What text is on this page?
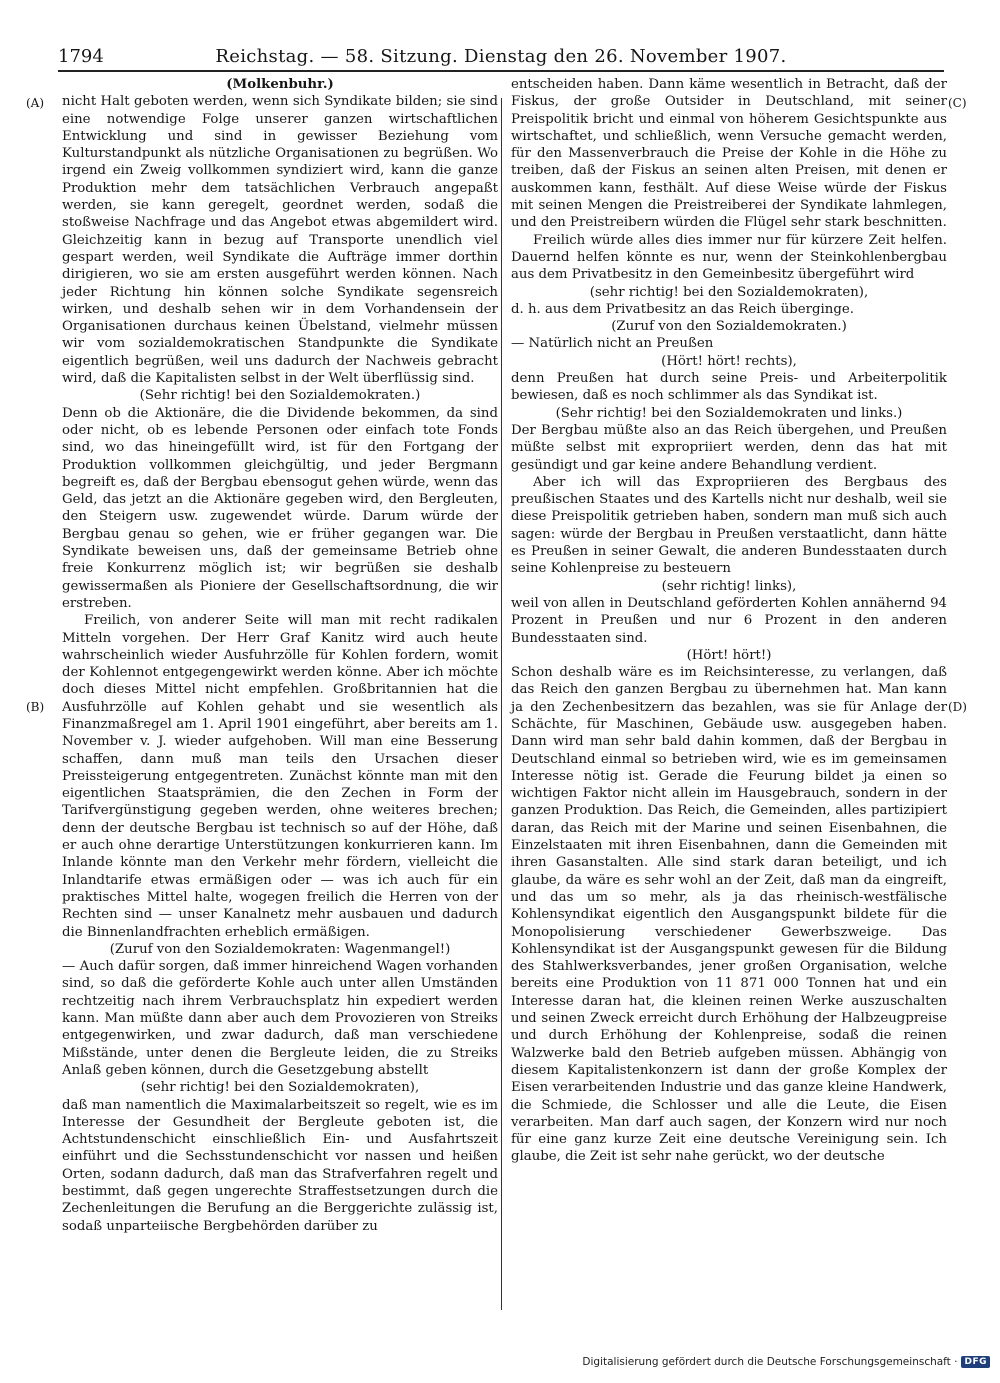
1794	Reichstag. — 58. Sitzung. Dienstag den 26. November 1907.
(A)
(B)
(C)
(D)

(Molkenbuhr.)

nicht Halt geboten werden, wenn sich Syndikate bilden; sie sind eine notwendige Folge unserer ganzen wirtschaftlichen Entwicklung und sind in gewisser Beziehung vom Kulturstandpunkt als nützliche Organisationen zu begrüßen. Wo irgend ein Zweig vollkommen syndiziert wird, kann die ganze Produktion mehr dem tatsächlichen Verbrauch angepaßt werden, sie kann geregelt, geordnet werden, sodaß die stoßweise Nachfrage und das Angebot etwas abgemildert wird. Gleichzeitig kann in bezug auf Transporte unendlich viel gespart werden, weil Syndikate die Aufträge immer dorthin dirigieren, wo sie am ersten ausgeführt werden können. Nach jeder Richtung hin können solche Syndikate segensreich wirken, und deshalb sehen wir in dem Vorhandensein der Organisationen durchaus keinen Übelstand, vielmehr müssen wir vom sozialdemokratischen Standpunkte die Syndikate eigentlich begrüßen, weil uns dadurch der Nachweis gebracht wird, daß die Kapitalisten selbst in der Welt überflüssig sind.

(Sehr richtig! bei den Sozialdemokraten.)

Denn ob die Aktionäre, die die Dividende bekommen, da sind oder nicht, ob es lebende Personen oder einfach tote Fonds sind, wo das hineingefüllt wird, ist für den Fortgang der Produktion vollkommen gleichgültig, und jeder Bergmann begreift es, daß der Bergbau ebensogut gehen würde, wenn das Geld, das jetzt an die Aktionäre gegeben wird, den Bergleuten, den Steigern usw. zugewendet würde. Darum würde der Bergbau genau so gehen, wie er früher gegangen war. Die Syndikate beweisen uns, daß der gemeinsame Betrieb ohne freie Konkurrenz möglich ist; wir begrüßen sie deshalb gewissermaßen als Pioniere der Gesellschaftsordnung, die wir erstreben.

Freilich, von anderer Seite will man mit recht radikalen Mitteln vorgehen. Der Herr Graf Kanitz wird auch heute wahrscheinlich wieder Ausfuhrzölle für Kohlen fordern, womit der Kohlennot entgegengewirkt werden könne. Aber ich möchte doch dieses Mittel nicht empfehlen. Großbritannien hat die Ausfuhrzölle auf Kohlen gehabt und sie wesentlich als Finanzmaßregel am 1. April 1901 eingeführt, aber bereits am 1. November v. J. wieder aufgehoben. Will man eine Besserung schaffen, dann muß man teils den Ursachen dieser Preissteigerung entgegentreten. Zunächst könnte man mit den eigentlichen Staatsprämien, die den Zechen in Form der Tarifvergünstigung gegeben werden, ohne weiteres brechen; denn der deutsche Bergbau ist technisch so auf der Höhe, daß er auch ohne derartige Unterstützungen konkurrieren kann. Im Inlande könnte man den Verkehr mehr fördern, vielleicht die Inlandtarife etwas ermäßigen oder — was ich auch für ein praktisches Mittel halte, wogegen freilich die Herren von der Rechten sind — unser Kanalnetz mehr ausbauen und dadurch die Binnenlandfrachten erheblich ermäßigen.

(Zuruf von den Sozialdemokraten: Wagenmangel!)

— Auch dafür sorgen, daß immer hinreichend Wagen vorhanden sind, so daß die geförderte Kohle auch unter allen Umständen rechtzeitig nach ihrem Verbrauchsplatz hin expediert werden kann. Man müßte dann aber auch dem Provozieren von Streiks entgegenwirken, und zwar dadurch, daß man verschiedene Mißstände, unter denen die Bergleute leiden, die zu Streiks Anlaß geben können, durch die Gesetzgebung abstellt

(sehr richtig! bei den Sozialdemokraten),

daß man namentlich die Maximalarbeitszeit so regelt, wie es im Interesse der Gesundheit der Bergleute geboten ist, die Achtstundenschicht einschließlich Ein- und Ausfahrtszeit einführt und die Sechsstundenschicht vor nassen und heißen Orten, sodann dadurch, daß man das Strafverfahren regelt und bestimmt, daß gegen ungerechte Straffestsetzungen durch die Zechenleitungen die Berufung an die Berggerichte zulässig ist, sodaß unparteiische Bergbehörden darüber zu

entscheiden haben. Dann käme wesentlich in Betracht, daß der Fiskus, der große Outsider in Deutschland, mit seiner Preispolitik bricht und einmal von höherem Gesichtspunkte aus wirtschaftet, und schließlich, wenn Versuche gemacht werden, für den Massenverbrauch die Preise der Kohle in die Höhe zu treiben, daß der Fiskus an seinen alten Preisen, mit denen er auskommen kann, festhält. Auf diese Weise würde der Fiskus mit seinen Mengen die Preistreiberei der Syndikate lahmlegen, und den Preistreibern würden die Flügel sehr stark beschnitten.

Freilich würde alles dies immer nur für kürzere Zeit helfen. Dauernd helfen könnte es nur, wenn der Steinkohlenbergbau aus dem Privatbesitz in den Gemeinbesitz übergeführt wird

(sehr richtig! bei den Sozialdemokraten),

d. h. aus dem Privatbesitz an das Reich überginge.

(Zuruf von den Sozialdemokraten.)

— Natürlich nicht an Preußen

(Hört! hört! rechts),

denn Preußen hat durch seine Preis- und Arbeiterpolitik bewiesen, daß es noch schlimmer als das Syndikat ist.

(Sehr richtig! bei den Sozialdemokraten und links.)

Der Bergbau müßte also an das Reich übergehen, und Preußen müßte selbst mit expropriiert werden, denn das hat mit gesündigt und gar keine andere Behandlung verdient.

Aber ich will das Expropriieren des Bergbaus des preußischen Staates und des Kartells nicht nur deshalb, weil sie diese Preispolitik getrieben haben, sondern man muß sich auch sagen: würde der Bergbau in Preußen verstaatlicht, dann hätte es Preußen in seiner Gewalt, die anderen Bundesstaaten durch seine Kohlenpreise zu besteuern

(sehr richtig! links),

weil von allen in Deutschland geförderten Kohlen annähernd 94 Prozent in Preußen und nur 6 Prozent in den anderen Bundesstaaten sind.

(Hört! hört!)

Schon deshalb wäre es im Reichsinteresse, zu verlangen, daß das Reich den ganzen Bergbau zu übernehmen hat. Man kann ja den Zechenbesitzern das bezahlen, was sie für Anlage der Schächte, für Maschinen, Gebäude usw. ausgegeben haben. Dann wird man sehr bald dahin kommen, daß der Bergbau in Deutschland einmal so betrieben wird, wie es im gemeinsamen Interesse nötig ist. Gerade die Feurung bildet ja einen so wichtigen Faktor nicht allein im Hausgebrauch, sondern in der ganzen Produktion. Das Reich, die Gemeinden, alles partizipiert daran, das Reich mit der Marine und seinen Eisenbahnen, die Einzelstaaten mit ihren Eisenbahnen, dann die Gemeinden mit ihren Gasanstalten. Alle sind stark daran beteiligt, und ich glaube, da wäre es sehr wohl an der Zeit, daß man da eingreift, und das um so mehr, als ja das rheinisch-westfälische Kohlensyndikat eigentlich den Ausgangspunkt bildete für die Monopolisierung verschiedener Gewerbszweige. Das Kohlensyndikat ist der Ausgangspunkt gewesen für die Bildung des Stahlwerksverbandes, jener großen Organisation, welche bereits eine Produktion von 11 871 000 Tonnen hat und ein Interesse daran hat, die kleinen reinen Werke auszuschalten und seinen Zweck erreicht durch Erhöhung der Halbzeugpreise und durch Erhöhung der Kohlenpreise, sodaß die reinen Walzwerke bald den Betrieb aufgeben müssen. Abhängig von diesem Kapitalistenkonzern ist dann der große Komplex der Eisen verarbeitenden Industrie und das ganze kleine Handwerk, die Schmiede, die Schlosser und alle die Leute, die Eisen verarbeiten. Man darf auch sagen, der Konzern wird nur noch für eine ganz kurze Zeit eine deutsche Vereinigung sein. Ich glaube, die Zeit ist sehr nahe gerückt, wo der deutsche

Digitalisierung gefördert durch die Deutsche Forschungsgemeinschaft · DFG
